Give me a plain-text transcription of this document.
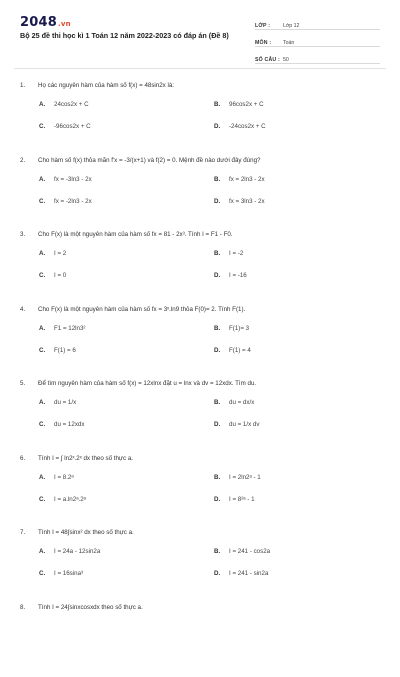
2048.vn
Bộ 25 đề thi học kì 1 Toán 12 năm 2022-2023 có đáp án (Đề 8)
LỚP :	Lớp 12
MÔN :	Toán
SỐ CÂU : 50
1.	Họ các nguyên hàm của hàm số f(x) = 48sin2x là:
A.	24cos2x + C	B.	96cos2x + C
C.	-96cos2x + C	D.	-24cos2x + C
2.	Cho hàm số f(x) thỏa mãn f'x = -3/(x+1) và f(2) = 0. Mệnh đề nào dưới đây đúng?
A.	fx = -3ln3 - 2x	B.	fx = 2ln3 - 2x
C.	fx = -2ln3 - 2x	D.	fx = 3ln3 - 2x
3.	Cho F(x) là một nguyên hàm của hàm số fx = 81 - 2x³. Tính I = F1 - F0.
A.	I = 2	B.	I = -2
C.	I = 0	D.	I = -16
4.	Cho F(x) là một nguyên hàm của hàm số fx = 3ˣ.ln9 thỏa F(0)= 2. Tính F(1).
A.	F1 = 12ln3²	B.	F(1)= 3
C.	F(1) = 6	D.	F(1) = 4
5.	Để tìm nguyên hàm của hàm số f(x) = 12xlnx đặt u = lnx và dv = 12xdx. Tìm du.
A.	du = 1/x	B.	du = dx/x
C.	du = 12xdx	D.	du = 1/x dv
6.	Tính I = ∫ ln2ˣ.2ˣ dx theo số thực a.
A.	I = 8.2ᵃ	B.	I = 2ln2ᵃ - 1
C.	I = a.ln2ᵃ.2ᵃ	D.	I = 8²ᵃ - 1
7.	Tính I = 48∫sinx² dx theo số thực a.
A.	I = 24a - 12sin2a	B.	I = 241 - cos2a
C.	I = 16sina³	D.	I = 241 - sin2a
8.	Tính I = 24∫sinxcosxdx theo số thực a.
